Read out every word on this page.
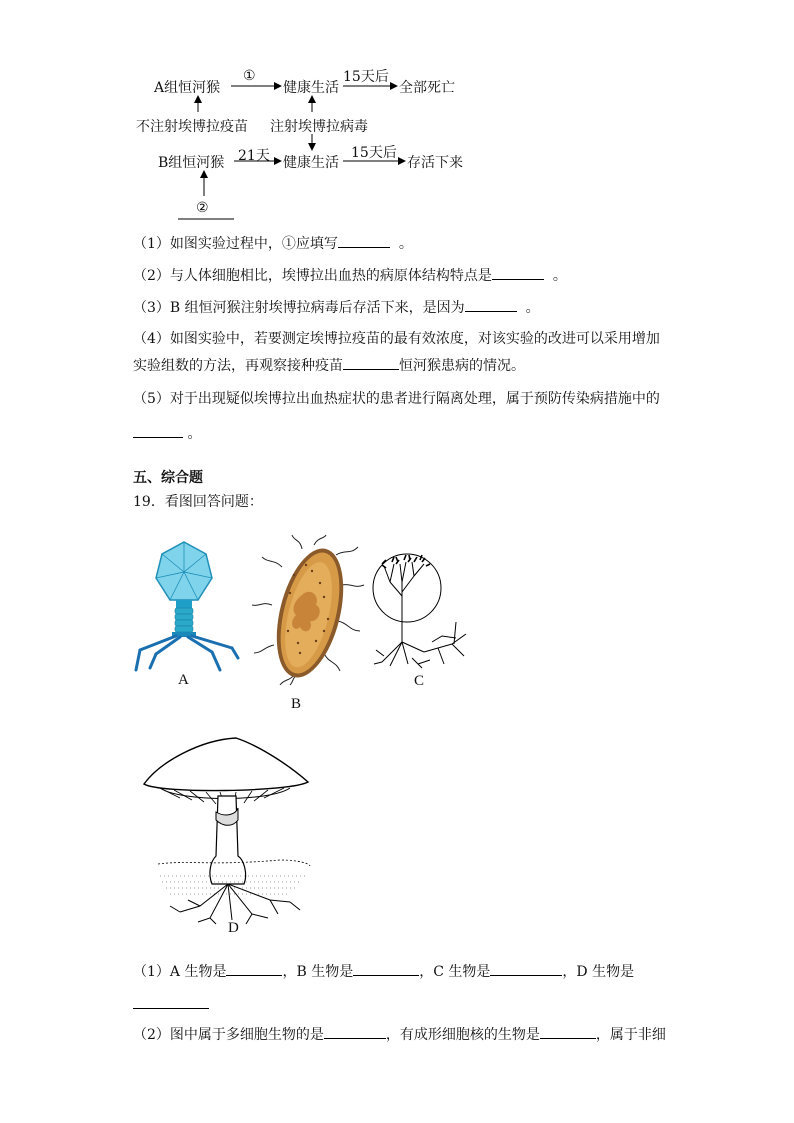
A组恒河猴
①
健康生活
15天后
全部死亡
不注射埃博拉疫苗 注射埃博拉病毒
B组恒河猴 21天 健康生活
15天后
存活下来
②
（1）如图实验过程中，①应填写	。
（2）与人体细胞相比，埃博拉出血热的病原体结构特点是	。
（3）B 组恒河猴注射埃博拉病毒后存活下来，是因为	。
（4）如图实验中，若要测定埃博拉疫苗的最有效浓度，对该实验的改进可以采用增加
实验组数的方法，再观察接种疫苗	恒河猴患病的情况。
（5）对于出现疑似埃博拉出血热症状的患者进行隔离处理，属于预防传染病措施中的
。
五、综合题
19．看图回答问题：
A
B
C
D
（1）A 生物是	，B 生物是	，C 生物是	，D 生物是
（2）图中属于多细胞生物的是	，有成形细胞核的生物是	，属于非细
